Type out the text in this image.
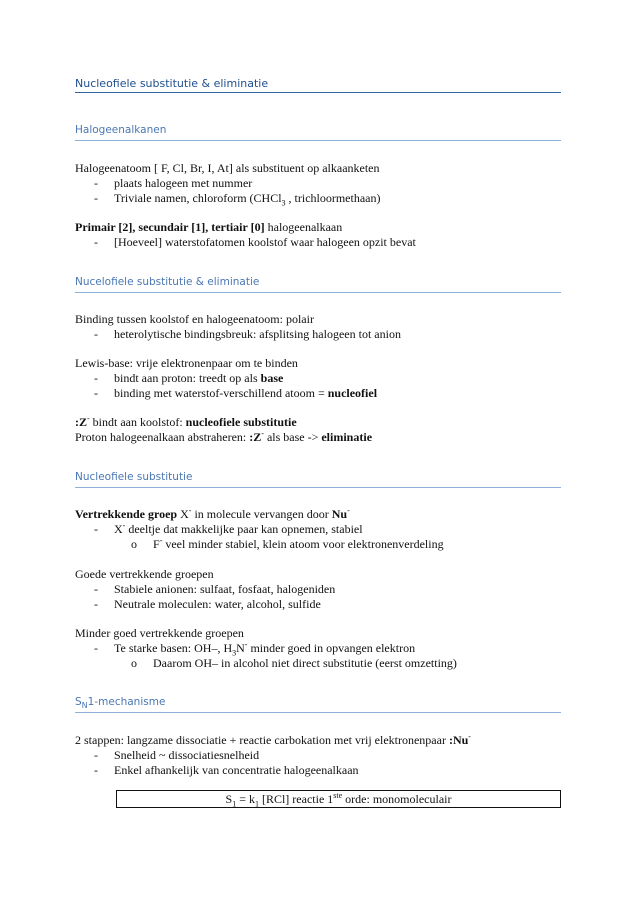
Nucleofiele substitutie & eliminatie
Halogeenalkanen
Halogeenatoom [ F, Cl, Br, I, At] als substituent op alkaanketen
- plaats halogeen met nummer
- Triviale namen, chloroform (CHCl$_3$ , trichloormethaan)
Primair [2], secundair [1], tertiair [0] halogeenalkaan
- [Hoeveel] waterstofatomen koolstof waar halogeen opzit bevat
Nucelofiele substitutie & eliminatie
Binding tussen koolstof en halogeenatoom: polair
- heterolytische bindingsbreuk: afsplitsing halogeen tot anion
Lewis-base: vrije elektronenpaar om te binden
- bindt aan proton: treedt op als base
- binding met waterstof-verschillend atoom = nucleofiel
:Z- bindt aan koolstof: nucleofiele substitutie
Proton halogeenalkaan abstraheren: :Z- als base -> eliminatie
Nucleofiele substitutie
Vertrekkende groep X- in molecule vervangen door Nu-
- X- deeltje dat makkelijke paar kan opnemen, stabiel
o F- veel minder stabiel, klein atoom voor elektronenverdeling
Goede vertrekkende groepen
- Stabiele anionen: sulfaat, fosfaat, halogeniden
- Neutrale moleculen: water, alcohol, sulfide
Minder goed vertrekkende groepen
- Te starke basen: OH–, $H_3N^-$ minder goed in opvangen elektron
o Daarom OH– in alcohol niet direct substitutie (eerst omzetting)
$S_N1$-mechanisme
2 stappen: langzame dissociatie + reactie carbokation met vrij elektronenpaar :Nu-
- Snelheid ~ dissociatiesnelheid
- Enkel afhankelijk van concentratie halogeenalkaan
$S_1 = k_1$ [RCl] reactie 1ste orde: monomoleculair
